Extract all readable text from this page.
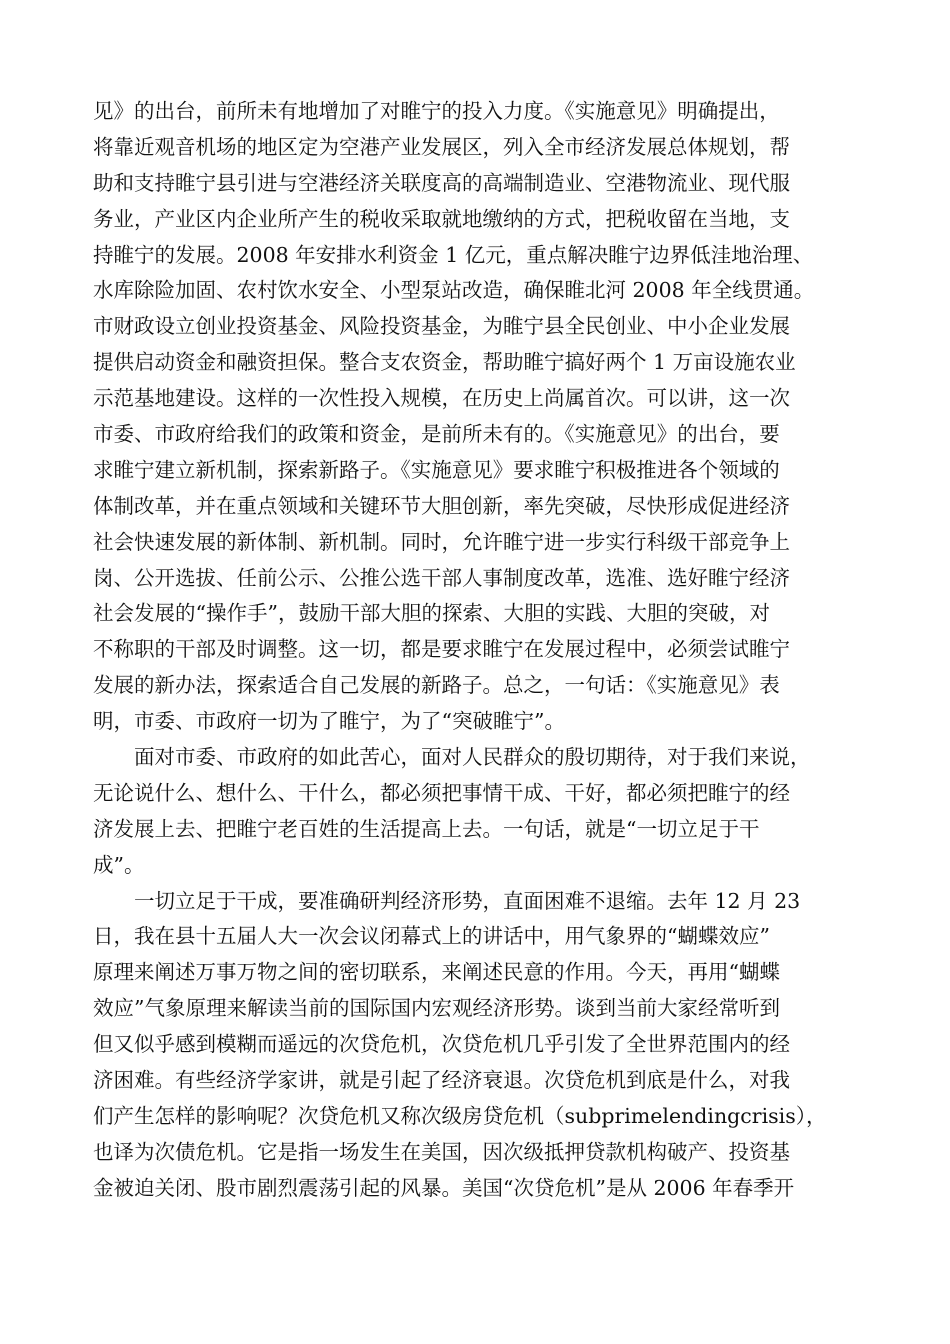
见》的出台，前所未有地增加了对睢宁的投入力度。《实施意见》明确提出，
将靠近观音机场的地区定为空港产业发展区，列入全市经济发展总体规划，帮
助和支持睢宁县引进与空港经济关联度高的高端制造业、空港物流业、现代服
务业，产业区内企业所产生的税收采取就地缴纳的方式，把税收留在当地，支
持睢宁的发展。2008 年安排水利资金 1 亿元，重点解决睢宁边界低洼地治理、
水库除险加固、农村饮水安全、小型泵站改造，确保睢北河 2008 年全线贯通。
市财政设立创业投资基金、风险投资基金，为睢宁县全民创业、中小企业发展
提供启动资金和融资担保。整合支农资金，帮助睢宁搞好两个 1 万亩设施农业
示范基地建设。这样的一次性投入规模，在历史上尚属首次。可以讲，这一次
市委、市政府给我们的政策和资金，是前所未有的。《实施意见》的出台，要
求睢宁建立新机制，探索新路子。《实施意见》要求睢宁积极推进各个领域的
体制改革，并在重点领域和关键环节大胆创新，率先突破，尽快形成促进经济
社会快速发展的新体制、新机制。同时，允许睢宁进一步实行科级干部竞争上
岗、公开选拔、任前公示、公推公选干部人事制度改革，选准、选好睢宁经济
社会发展的“操作手”，鼓励干部大胆的探索、大胆的实践、大胆的突破，对
不称职的干部及时调整。这一切，都是要求睢宁在发展过程中，必须尝试睢宁
发展的新办法，探索适合自己发展的新路子。总之，一句话：《实施意见》表
明，市委、市政府一切为了睢宁，为了“突破睢宁”。
　　面对市委、市政府的如此苦心，面对人民群众的殷切期待，对于我们来说，
无论说什么、想什么、干什么，都必须把事情干成、干好，都必须把睢宁的经
济发展上去、把睢宁老百姓的生活提高上去。一句话，就是“一切立足于干
成”。
　　一切立足于干成，要准确研判经济形势，直面困难不退缩。去年 12 月 23
日，我在县十五届人大一次会议闭幕式上的讲话中，用气象界的“蝴蝶效应”
原理来阐述万事万物之间的密切联系，来阐述民意的作用。今天，再用“蝴蝶
效应”气象原理来解读当前的国际国内宏观经济形势。谈到当前大家经常听到
但又似乎感到模糊而遥远的次贷危机，次贷危机几乎引发了全世界范围内的经
济困难。有些经济学家讲，就是引起了经济衰退。次贷危机到底是什么，对我
们产生怎样的影响呢？次贷危机又称次级房贷危机（subprimelendingcrisis），
也译为次债危机。它是指一场发生在美国，因次级抵押贷款机构破产、投资基
金被迫关闭、股市剧烈震荡引起的风暴。美国“次贷危机”是从 2006 年春季开
